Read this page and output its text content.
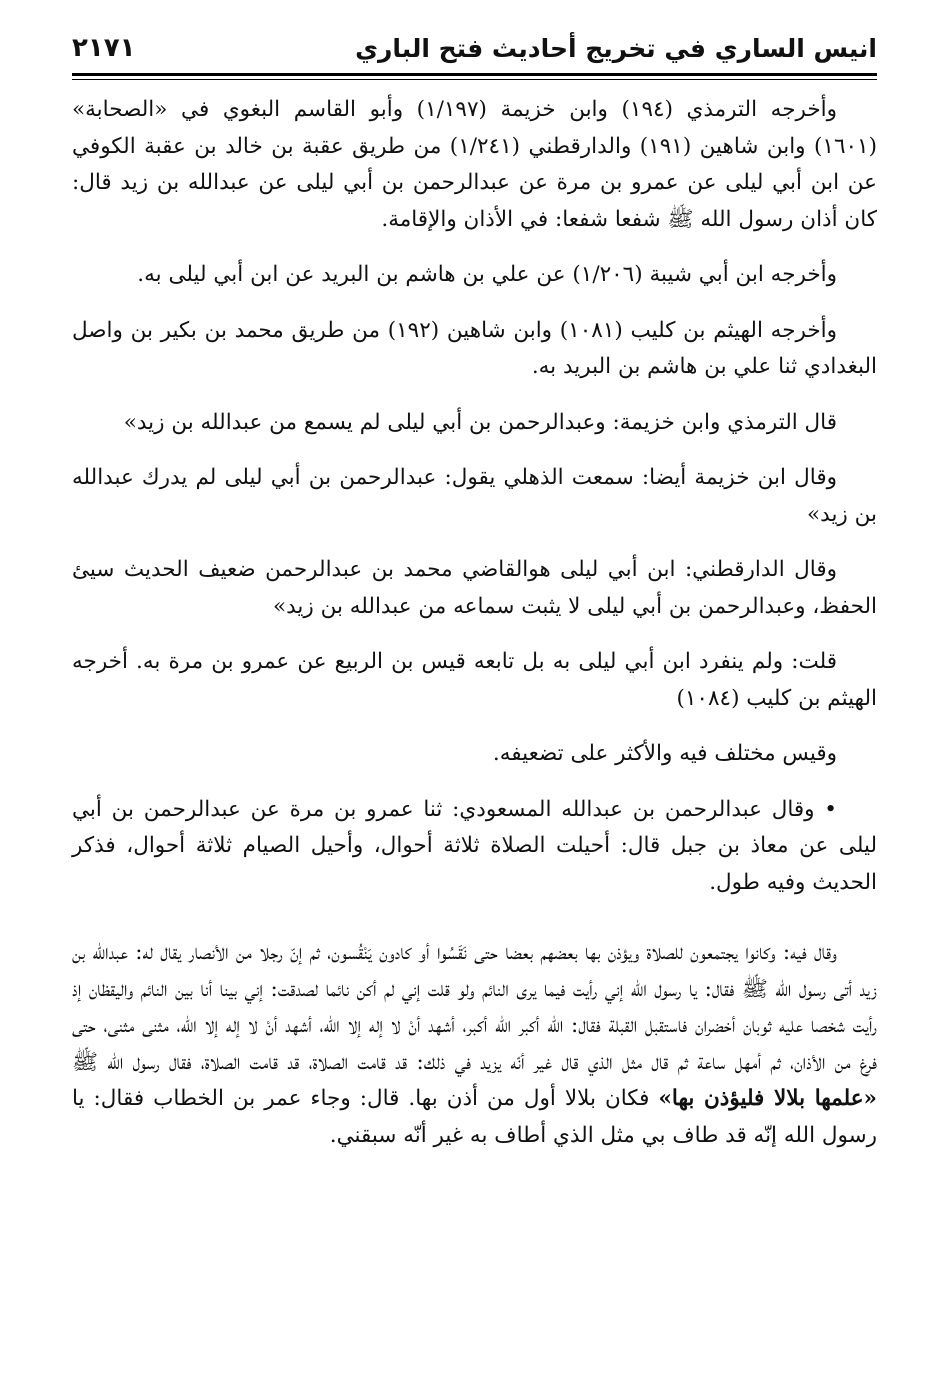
انيس الساري في تخريج أحاديث فتح الباري
٢١٧١

وأخرجه الترمذي (١٩٤) وابن خزيمة (١/١٩٧) وأبو القاسم البغوي في «الصحابة» (١٦٠١) وابن شاهين (١٩١) والدارقطني (١/٢٤١) من طريق عقبة بن خالد بن عقبة الكوفي عن ابن أبي ليلى عن عمرو بن مرة عن عبدالرحمن بن أبي ليلى عن عبدالله بن زيد قال: كان أذان رسول الله ﷺ شفعا شفعا: في الأذان والإقامة.

وأخرجه ابن أبي شيبة (١/٢٠٦) عن علي بن هاشم بن البريد عن ابن أبي ليلى به.

وأخرجه الهيثم بن كليب (١٠٨١) وابن شاهين (١٩٢) من طريق محمد بن بكير بن واصل البغدادي ثنا علي بن هاشم بن البريد به.

قال الترمذي وابن خزيمة: وعبدالرحمن بن أبي ليلى لم يسمع من عبدالله بن زيد»

وقال ابن خزيمة أيضا: سمعت الذهلي يقول: عبدالرحمن بن أبي ليلى لم يدرك عبدالله بن زيد»

وقال الدارقطني: ابن أبي ليلى هوالقاضي محمد بن عبدالرحمن ضعيف الحديث سيئ الحفظ، وعبدالرحمن بن أبي ليلى لا يثبت سماعه من عبدالله بن زيد»

قلت: ولم ينفرد ابن أبي ليلى به بل تابعه قيس بن الربيع عن عمرو بن مرة به. أخرجه الهيثم بن كليب (١٠٨٤)

وقيس مختلف فيه والأكثر على تضعيفه.

• وقال عبدالرحمن بن عبدالله المسعودي: ثنا عمرو بن مرة عن عبدالرحمن بن أبي ليلى عن معاذ بن جبل قال: أحيلت الصلاة ثلاثة أحوال، وأحيل الصيام ثلاثة أحوال، فذكر الحديث وفيه طول.

وقال فيه: وكانوا يجتمعون للصلاة ويؤذن بها بعضهم بعضا حتى نَقَسُوا أو كادون يَنْقُسون، ثم إنّ رجلا من الأنصار يقال له: عبدالله بن زيد أتى رسول الله ﷺ فقال: يا رسول الله إني رأيت فيما يرى النائم ولو قلت إني لم أكن نائما لصدقت: إني بينا أنا بين النائم واليقظان إذ رأيت شخصا عليه ثوبان أخضران فاستقبل القبلة فقال: الله أكبر الله أكبر، أشهد أنْ لا إله إلا الله، أشهد أنْ لا إله إلا الله، مثنى مثنى، حتى فرغ من الأذان، ثم أمهل ساعة ثم قال مثل الذي قال غير أنّه يزيد في ذلك: قد قامت الصلاة، قد قامت الصلاة، فقال رسول الله ﷺ «علمها بلالا فليؤذن بها» فكان بلالا أول من أذن بها. قال: وجاء عمر بن الخطاب فقال: يا رسول الله إنّه قد طاف بي مثل الذي أطاف به غير أنّه سبقني.
